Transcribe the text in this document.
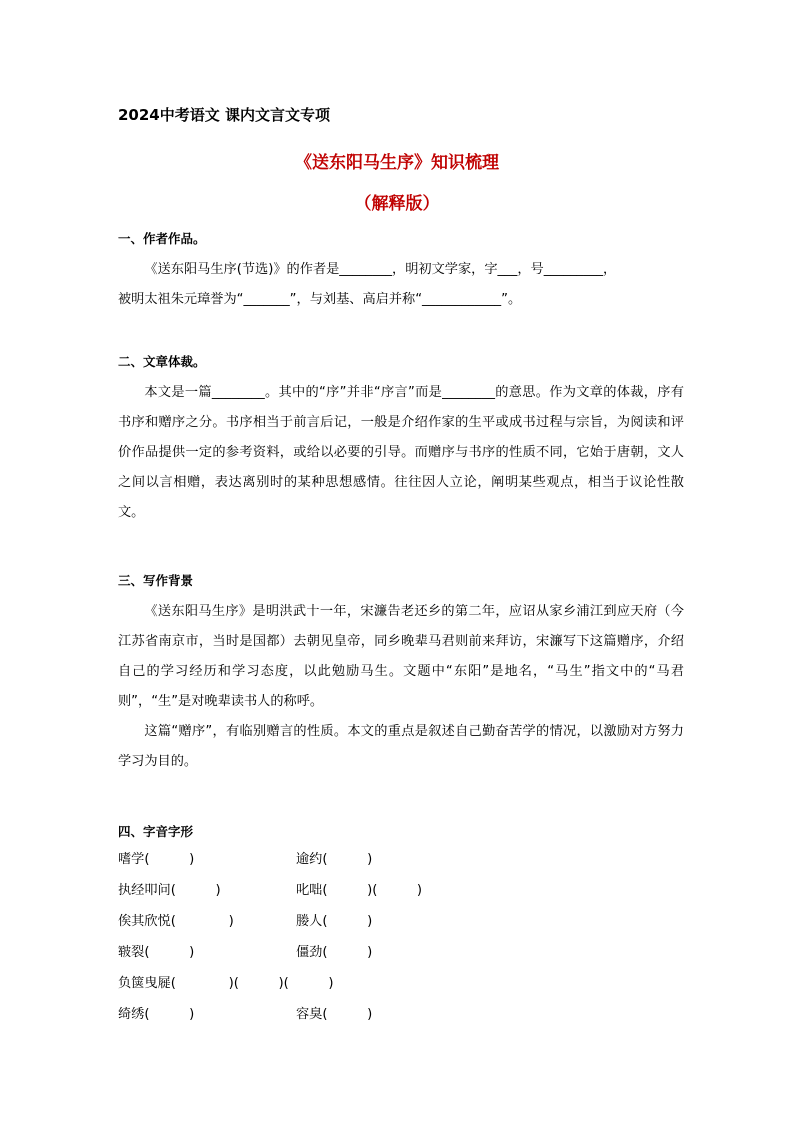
2024中考语文 课内文言文专项
《送东阳马生序》知识梳理
（解释版）
一、作者作品。

《送东阳马生序(节选)》的作者是________，明初文学家，字___，号_________，

被明太祖朱元璋誉为“_______”，与刘基、高启并称“____________”。

二、文章体裁。

本文是一篇________。其中的“序”并非“序言”而是________的意思。作为文章的体裁，序有书序和赠序之分。书序相当于前言后记，一般是介绍作家的生平或成书过程与宗旨，为阅读和评价作品提供一定的参考资料，或给以必要的引导。而赠序与书序的性质不同，它始于唐朝，文人之间以言相赠，表达离别时的某种思想感情。往往因人立论，阐明某些观点，相当于议论性散文。

三、写作背景

《送东阳马生序》是明洪武十一年，宋濂告老还乡的第二年，应诏从家乡浦江到应天府（今江苏省南京市，当时是国都）去朝见皇帝，同乡晚辈马君则前来拜访，宋濂写下这篇赠序，介绍自己的学习经历和学习态度，以此勉励马生。文题中“东阳”是地名，“马生”指文中的“马君则”，“生”是对晚辈读书人的称呼。

这篇“赠序”，有临别赠言的性质。本文的重点是叙述自己勤奋苦学的情况，以激励对方努力学习为目的。

四、字音字形
嗜学(　　　)	逾约(　　　)
执经叩问(　　　)	叱咄(　　　)(　　　)
俟其欣悦(　　　　)	媵人(　　　)
皲裂(　　　)	僵劲(　　　)
负箧曳屣(　　　　)(　　　)(　　　)
绮绣(　　　)	容臭(　　　)
